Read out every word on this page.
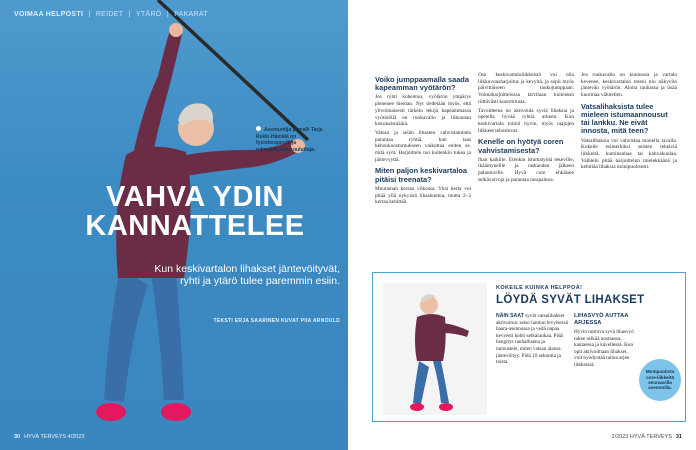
VOIMAA HELPOSTI | REIDET | YTÄRÖ | PAKARAT
Asentuntija ja malli Tarja Rekki-Hämälä on fysioterapeutti ja ryhmäliikunta-kouluttaja.
VAHVA YDIN KANNATTELEE
Kun keskivartalon lihakset jäntevöityvät, ryhti ja ytärö tulee paremmin esiin.
TEKSTI ERJA SAARINEN KUVAT PIIA ARNOULD
30 HYVÄ TERVEYS 4/2023
Voiko jumppaamalla saada kapeamman vyötärön?

Jos ryhti kohentuu, vyötärön ympärys pienenee hieman. Nyt tiedetään myös, että ylivoimaisesti tärkein tekijä kapeammassa vyötäröllä on ruokavalio ja liikunnan kokonaismäärä.

Vatsan ja selän lihasten vahvistaminen parantaa ryhtiä, kun taas kehonkoostumukseen vaikuttaa eniten se, mitä syöt. Harjoittelu tuo kuitenkin tukea ja jäntevyyttä.

Miten paljon keskivartaloa pitäisi treenata?

Muutaman kerran viikossa. Yksi kerta voi pitää yllä nykyistä lihaskuntoa, mutta 2–3 kertaa kehittää.

Osa keskivartaloliikkeistä voi olla liikkuvuusharjoitus ja kevyitä, ja sopii myös päivittäiseen taukojumppaan. Voimaharjoittelussa tarvitaan kuitenkin riittävästi kuormitusta.

Tavoitteena on aktivoida syviä lihaksia ja opetella hyvää ryhtiä arkeen. Kun keskivartalo toimii hyvin, myös raajojen liikkeet tehostuvat.

Kenelle on hyötyä coren vahvistamisesta?

Ihan kaikille. Etenkin istumatyötä tekeville, ikääntyneille ja raskauden jälkeen palautuville. Hyvä core ehkäisee selkävaivoja ja parantaa tasapainoa.

Jos ruokavalio on kunnossa ja vartalo kevenee, keskivartalon treeni tuo näkyviin jäntevän vyötärön. Aloita rauhassa ja lisää kuormaa vähitellen.

Vatsalihaksista tulee mieleen istumaannousut tai lankku. Ne eivät innosta, mitä teen?

Vatsalihaksia voi vahvistaa monella tavalla. Kokeile esimerkiksi seisten tehtäviä liikkeitä, kuminauhaa tai kahvakuulaa. Vaihtelu pitää harjoittelun mielekkäänä ja kehittää lihaksia monipuolisesti.

KOKEILE KUINKA HELPPOA!
LÖYDÄ SYVÄT LIHAKSET
NÄIN SAAT syvät vatsalihakset aktivoitua: seiso lantion levyisessä haara-asennossa ja vedä napaa kevyesti kohti selkärankaa. Pidä hengitys rauhallisena ja tunnustele, miten vatsan alaosa jäntevöityy. Pidä 10 sekuntia ja toista.
LIHASVYÖ AUTTAA ARJESSA
Hyvin toimiva syvä lihasvyö tukee selkää nostaessa, kantaessa ja kävellessä. Kun opit aktivoimaan lihakset, voit hyödyntää taitoa arjen liikkeissä.
Monipuolista core-liikkeitä seuraavilla asennoilla.
2/2023 HYVÄ TERVEYS 31
